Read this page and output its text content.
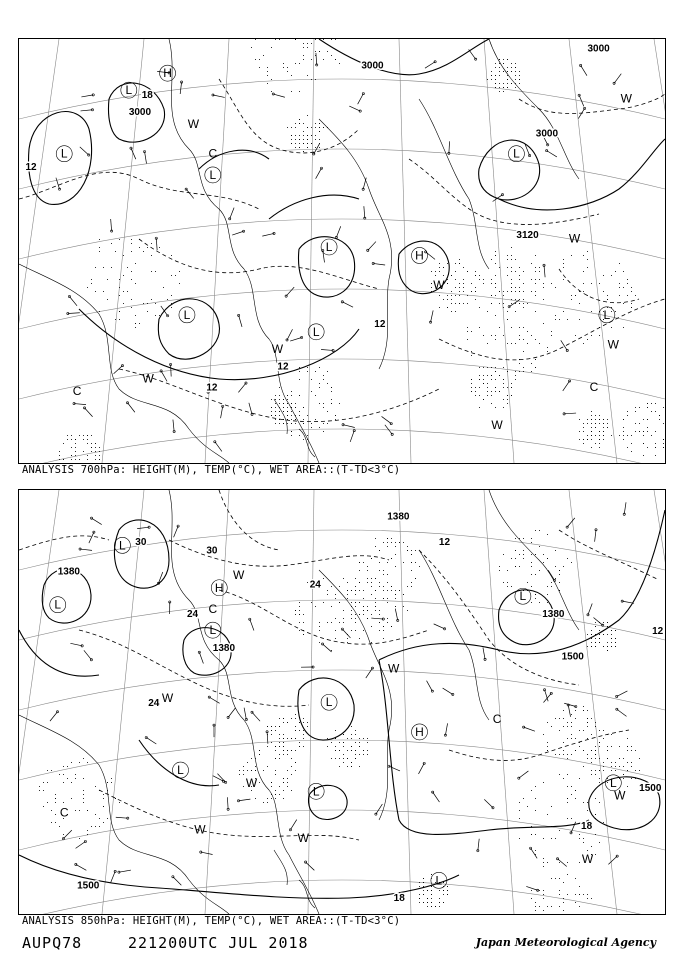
3000
3000
3000
3000
3120
12
12
12
12
18
L
L
H
L
L
H
L
L
L
L
C
W
W
W
W
W
C
C
W
W
W
ANALYSIS 700hPa: HEIGHT(M), TEMP(°C), WET AREA::(T-TD<3°C)
1380
1380
1380
1380
1500
1500
1500
30
30
24
24
24
18
18
12
12
L
L
H
L
L
L
H
L
L
L
L
C
W
W
W
C
C
W
W
W
W
W
ANALYSIS 850hPa: HEIGHT(M), TEMP(°C), WET AREA::(T-TD<3°C)
AUPQ78	221200UTC JUL 2018	Japan Meteorological Agency
